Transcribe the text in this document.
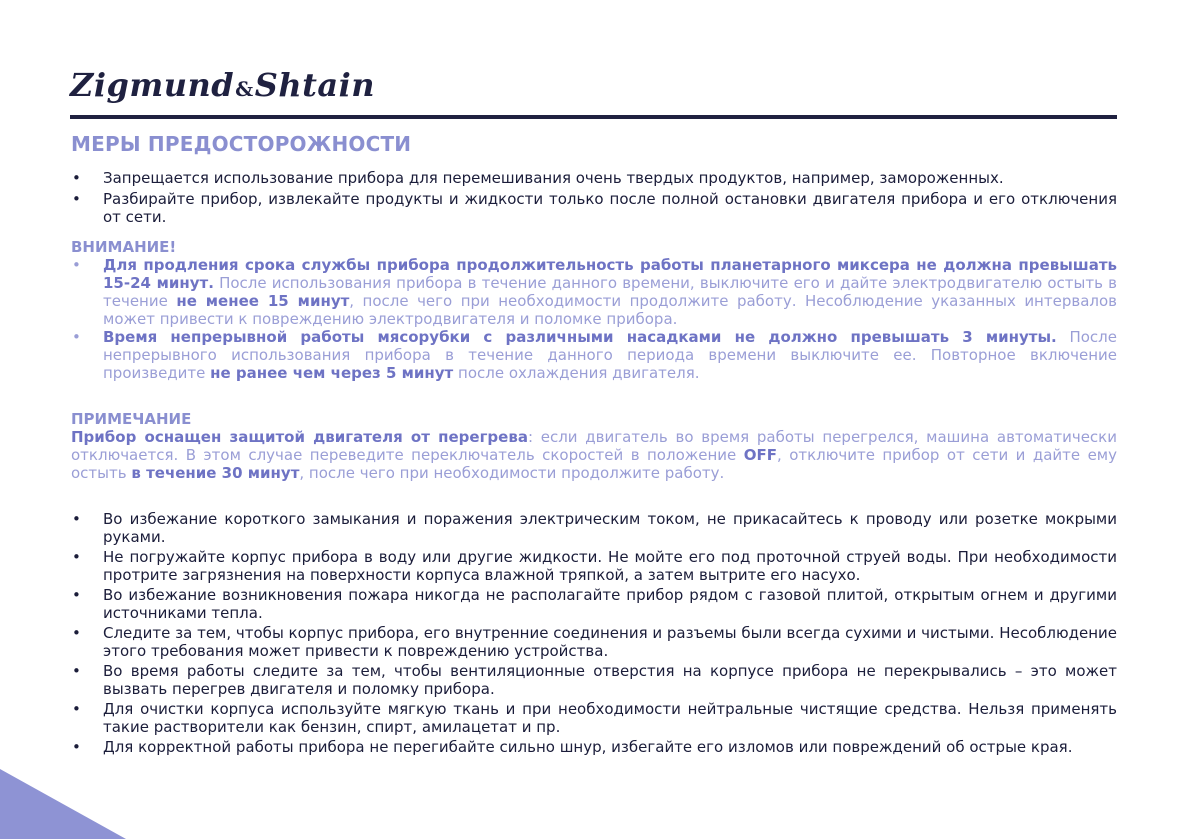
Zigmund&Shtain
МЕРЫ ПРЕДОСТОРОЖНОСТИ
• Запрещается использование прибора для перемешивания очень твердых продуктов, например, замороженных.
• Разбирайте прибор, извлекайте продукты и жидкости только после полной остановки двигателя прибора и его отключения от сети.
ВНИМАНИЕ!
• Для продления срока службы прибора продолжительность работы планетарного миксера не должна превышать 15-24 минут. После использования прибора в течение данного времени, выключите его и дайте электродвигателю остыть в течение не менее 15 минут, после чего при необходимости продолжите работу. Несоблюдение указанных интервалов может привести к повреждению электродвигателя и поломке прибора.
• Время непрерывной работы мясорубки с различными насадками не должно превышать 3 минуты. После непрерывного использования прибора в течение данного периода времени выключите ее. Повторное включение произведите не ранее чем через 5 минут после охлаждения двигателя.
ПРИМЕЧАНИЕ

Прибор оснащен защитой двигателя от перегрева: если двигатель во время работы перегрелся, машина автоматически отключается. В этом случае переведите переключатель скоростей в положение OFF, отключите прибор от сети и дайте ему остыть в течение 30 минут, после чего при необходимости продолжите работу.

• Во избежание короткого замыкания и поражения электрическим током, не прикасайтесь к проводу или розетке мокрыми руками.
• Не погружайте корпус прибора в воду или другие жидкости. Не мойте его под проточной струей воды. При необходимости протрите загрязнения на поверхности корпуса влажной тряпкой, а затем вытрите его насухо.
• Во избежание возникновения пожара никогда не располагайте прибор рядом с газовой плитой, открытым огнем и другими источниками тепла.
• Следите за тем, чтобы корпус прибора, его внутренние соединения и разъемы были всегда сухими и чистыми. Несоблюдение этого требования может привести к повреждению устройства.
• Во время работы следите за тем, чтобы вентиляционные отверстия на корпусе прибора не перекрывались – это может вызвать перегрев двигателя и поломку прибора.
• Для очистки корпуса используйте мягкую ткань и при необходимости нейтральные чистящие средства. Нельзя применять такие растворители как бензин, спирт, амилацетат и пр.
• Для корректной работы прибора не перегибайте сильно шнур, избегайте его изломов или повреждений об острые края.
